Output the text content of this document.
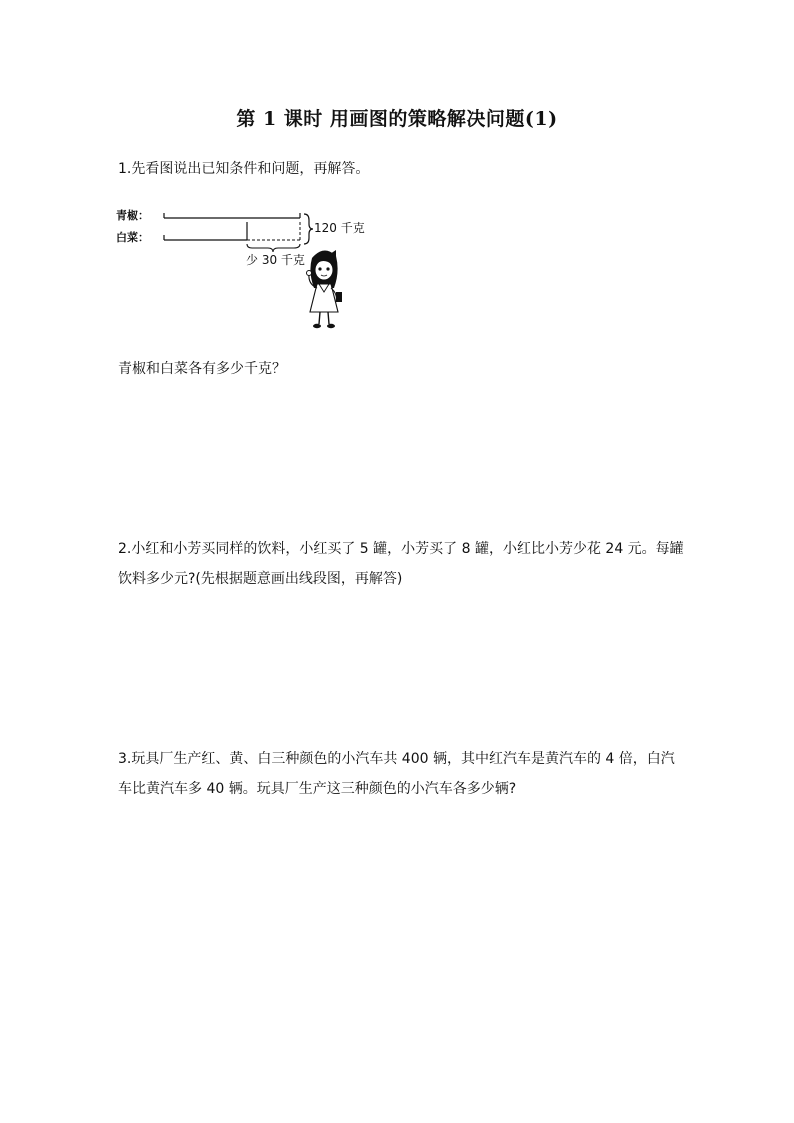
第 1 课时 用画图的策略解决问题(1)
1.先看图说出已知条件和问题，再解答。
青椒：
白菜：
120 千克
少 30 千克
青椒和白菜各有多少千克？
2.小红和小芳买同样的饮料，小红买了 5 罐，小芳买了 8 罐，小红比小芳少花 24 元。每罐饮料多少元?(先根据题意画出线段图，再解答)
3.玩具厂生产红、黄、白三种颜色的小汽车共 400 辆，其中红汽车是黄汽车的 4 倍，白汽车比黄汽车多 40 辆。玩具厂生产这三种颜色的小汽车各多少辆?
